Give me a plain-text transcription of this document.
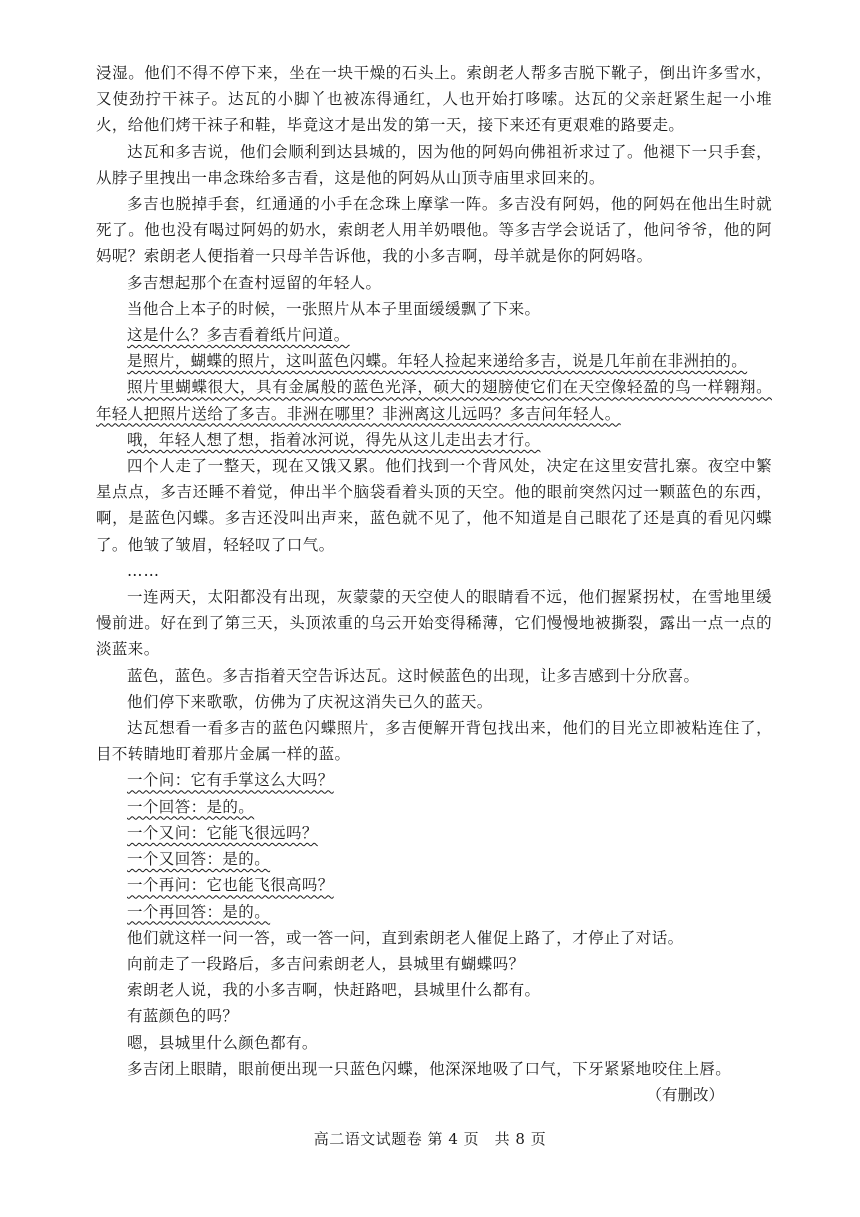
浸湿。他们不得不停下来，坐在一块干燥的石头上。索朗老人帮多吉脱下靴子，倒出许多雪水，又使劲拧干袜子。达瓦的小脚丫也被冻得通红，人也开始打哆嗦。达瓦的父亲赶紧生起一小堆火，给他们烤干袜子和鞋，毕竟这才是出发的第一天，接下来还有更艰难的路要走。

达瓦和多吉说，他们会顺利到达县城的，因为他的阿妈向佛祖祈求过了。他褪下一只手套，从脖子里拽出一串念珠给多吉看，这是他的阿妈从山顶寺庙里求回来的。

多吉也脱掉手套，红通通的小手在念珠上摩挲一阵。多吉没有阿妈，他的阿妈在他出生时就死了。他也没有喝过阿妈的奶水，索朗老人用羊奶喂他。等多吉学会说话了，他问爷爷，他的阿妈呢？索朗老人便指着一只母羊告诉他，我的小多吉啊，母羊就是你的阿妈咯。

多吉想起那个在查村逗留的年轻人。

当他合上本子的时候，一张照片从本子里面缓缓飘了下来。

这是什么？多吉看着纸片问道。

是照片，蝴蝶的照片，这叫蓝色闪蝶。年轻人捡起来递给多吉，说是几年前在非洲拍的。

照片里蝴蝶很大，具有金属般的蓝色光泽，硕大的翅膀使它们在天空像轻盈的鸟一样翱翔。年轻人把照片送给了多吉。非洲在哪里？非洲离这儿远吗？多吉问年轻人。

哦，年轻人想了想，指着冰河说，得先从这儿走出去才行。

四个人走了一整天，现在又饿又累。他们找到一个背风处，决定在这里安营扎寨。夜空中繁星点点，多吉还睡不着觉，伸出半个脑袋看着头顶的天空。他的眼前突然闪过一颗蓝色的东西，啊，是蓝色闪蝶。多吉还没叫出声来，蓝色就不见了，他不知道是自己眼花了还是真的看见闪蝶了。他皱了皱眉，轻轻叹了口气。

……

一连两天，太阳都没有出现，灰蒙蒙的天空使人的眼睛看不远，他们握紧拐杖，在雪地里缓慢前进。好在到了第三天，头顶浓重的乌云开始变得稀薄，它们慢慢地被撕裂，露出一点一点的淡蓝来。

蓝色，蓝色。多吉指着天空告诉达瓦。这时候蓝色的出现，让多吉感到十分欣喜。

他们停下来歌歌，仿佛为了庆祝这消失已久的蓝天。

达瓦想看一看多吉的蓝色闪蝶照片，多吉便解开背包找出来，他们的目光立即被粘连住了，目不转睛地盯着那片金属一样的蓝。

一个问：它有手掌这么大吗？

一个回答：是的。

一个又问：它能飞很远吗？

一个又回答：是的。

一个再问：它也能飞很高吗？

一个再回答：是的。

他们就这样一问一答，或一答一问，直到索朗老人催促上路了，才停止了对话。

向前走了一段路后，多吉问索朗老人，县城里有蝴蝶吗？

索朗老人说，我的小多吉啊，快赶路吧，县城里什么都有。

有蓝颜色的吗？

嗯，县城里什么颜色都有。

多吉闭上眼睛，眼前便出现一只蓝色闪蝶，他深深地吸了口气，下牙紧紧地咬住上唇。

（有删改）

高二语文试题卷 第 4 页　共 8 页
